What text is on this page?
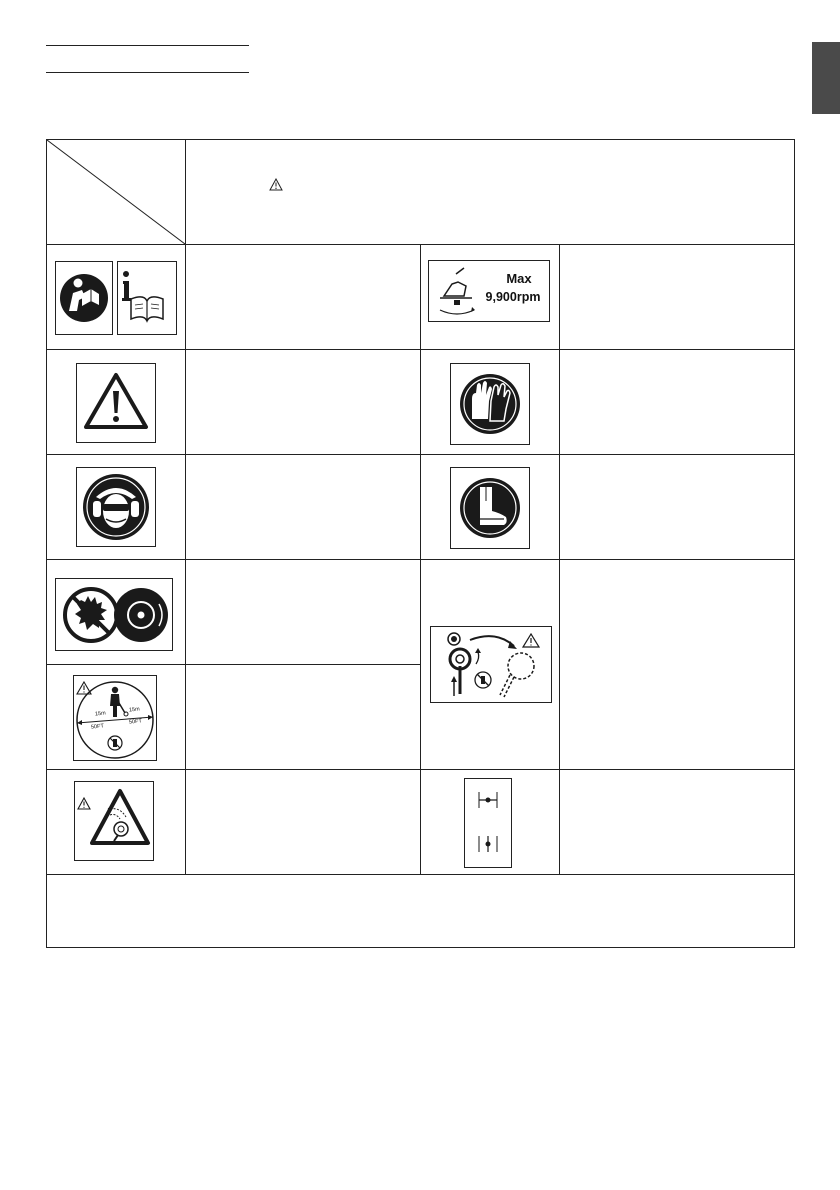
Max
9,900rpm
15m
50FT
15m
50FT
